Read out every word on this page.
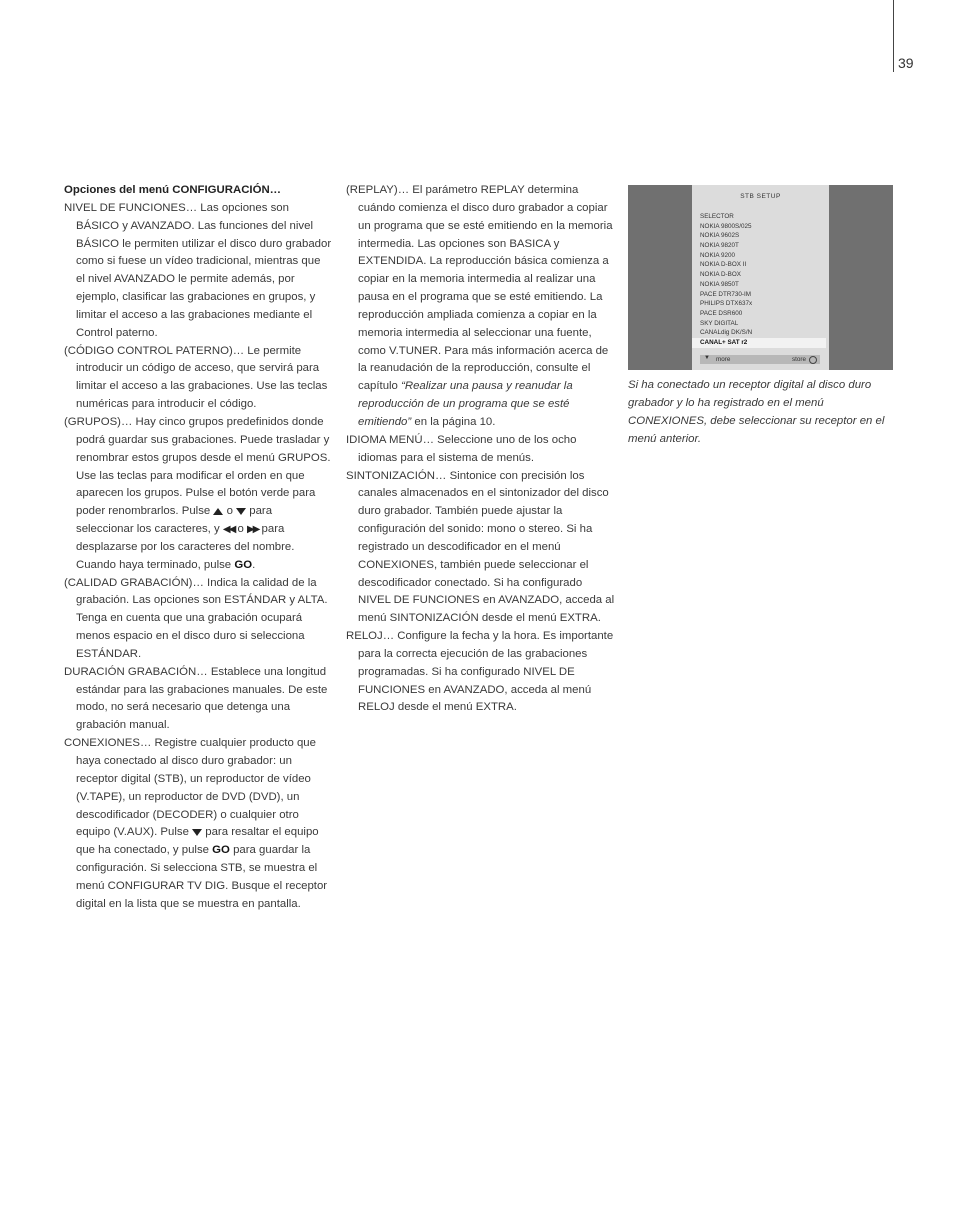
39
Opciones del menú CONFIGURACIÓN…

NIVEL DE FUNCIONES… Las opciones son BÁSICO y AVANZADO. Las funciones del nivel BÁSICO le permiten utilizar el disco duro grabador como si fuese un vídeo tradicional, mientras que el nivel AVANZADO le permite además, por ejemplo, clasificar las grabaciones en grupos, y limitar el acceso a las grabaciones mediante el Control paterno.

(CÓDIGO CONTROL PATERNO)… Le permite introducir un código de acceso, que servirá para limitar el acceso a las grabaciones. Use las teclas numéricas para introducir el código.

(GRUPOS)… Hay cinco grupos predefinidos donde podrá guardar sus grabaciones. Puede trasladar y renombrar estos grupos desde el menú GRUPOS. Use las teclas para modificar el orden en que aparecen los grupos. Pulse el botón verde para poder renombrarlos. Pulse o para seleccionar los caracteres, y ◀◀ o ▶▶ para desplazarse por los caracteres del nombre. Cuando haya terminado, pulse GO.

(CALIDAD GRABACIÓN)… Indica la calidad de la grabación. Las opciones son ESTÁNDAR y ALTA. Tenga en cuenta que una grabación ocupará menos espacio en el disco duro si selecciona ESTÁNDAR.

DURACIÓN GRABACIÓN… Establece una longitud estándar para las grabaciones manuales. De este modo, no será necesario que detenga una grabación manual.

CONEXIONES… Registre cualquier producto que haya conectado al disco duro grabador: un receptor digital (STB), un reproductor de vídeo (V.TAPE), un reproductor de DVD (DVD), un descodificador (DECODER) o cualquier otro equipo (V.AUX). Pulse para resaltar el equipo que ha conectado, y pulse GO para guardar la configuración. Si selecciona STB, se muestra el menú CONFIGURAR TV DIG. Busque el receptor digital en la lista que se muestra en pantalla.

(REPLAY)… El parámetro REPLAY determina cuándo comienza el disco duro grabador a copiar un programa que se esté emitiendo en la memoria intermedia. Las opciones son BASICA y EXTENDIDA. La reproducción básica comienza a copiar en la memoria intermedia al realizar una pausa en el programa que se esté emitiendo. La reproducción ampliada comienza a copiar en la memoria intermedia al seleccionar una fuente, como V.TUNER. Para más información acerca de la reanudación de la reproducción, consulte el capítulo “Realizar una pausa y reanudar la reproducción de un programa que se esté emitiendo” en la página 10.

IDIOMA MENÚ… Seleccione uno de los ocho idiomas para el sistema de menús.

SINTONIZACIÓN… Sintonice con precisión los canales almacenados en el sintonizador del disco duro grabador. También puede ajustar la configuración del sonido: mono o stereo. Si ha registrado un descodificador en el menú CONEXIONES, también puede seleccionar el descodificador conectado. Si ha configurado NIVEL DE FUNCIONES en AVANZADO, acceda al menú SINTONIZACIÓN desde el menú EXTRA.

RELOJ… Configure la fecha y la hora. Es importante para la correcta ejecución de las grabaciones programadas. Si ha configurado NIVEL DE FUNCIONES en AVANZADO, acceda al menú RELOJ desde el menú EXTRA.

STB SETUP
SELECTOR
NOKIA 9800S/025
NOKIA 9602S
NOKIA 9820T
NOKIA 9200
NOKIA D-BOX II
NOKIA D-BOX
NOKIA 9850T
PACE DTR730-IM
PHILIPS DTX637x
PACE DSR600
SKY DIGITAL
CANALdig DK/S/N
CANAL+ SAT r2
▼ more	store
Si ha conectado un receptor digital al disco duro grabador y lo ha registrado en el menú CONEXIONES, debe seleccionar su receptor en el menú anterior.
